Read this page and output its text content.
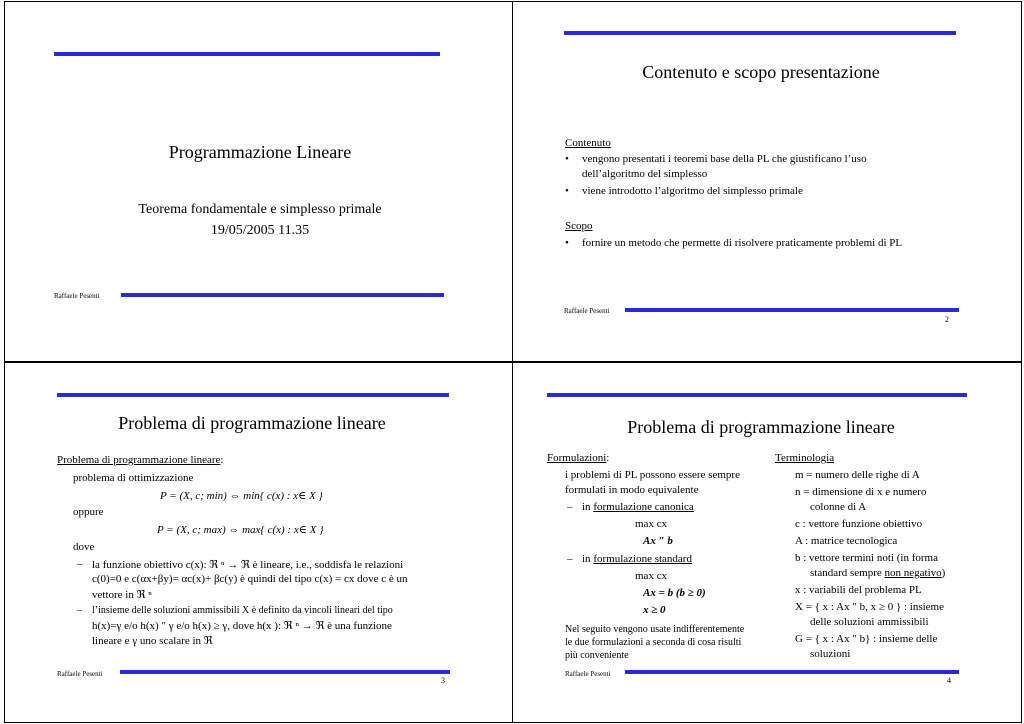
Programmazione Lineare
Teorema fondamentale e simplesso primale
19/05/2005 11.35
Raffaele Pesenti
Contenuto e scopo presentazione
Contenuto
• vengono presentati i teoremi base della PL che giustificano l’uso
dell’algoritmo del simplesso
• viene introdotto l’algoritmo del simplesso primale
Scopo
• fornire un metodo che permette di risolvere praticamente problemi di PL
Raffaele Pesenti
2
Problema di programmazione lineare
Problema di programmazione lineare:
problema di ottimizzazione
P = (X, c; min) ⇔ min{ c(x) : x∈ X }
oppure
P = (X, c; max) ⇔ max{ c(x) : x∈ X }
dove
– la funzione obiettivo c(x): ℜ ⁿ → ℜ è lineare, i.e., soddisfa le relazioni
c(0)=0 e c(αx+βy)= αc(x)+ βc(y) è quindi del tipo c(x) = cx dove c è un
vettore in ℜ ⁿ
– l’insieme delle soluzioni ammissibili X è definito da vincoli lineari del tipo
h(x)=γ e/o h(x) ″ γ e/o h(x) ≥ γ, dove h(x ): ℜ ⁿ → ℜ è una funzione
lineare e γ uno scalare in ℜ
Raffaele Pesenti
3
Problema di programmazione lineare
Formulazioni:
i problemi di PL possono essere sempre
formulati in modo equivalente
– in formulazione canonica
max cx
Ax ″ b
– in formulazione standard
max cx
Ax = b (b ≥ 0)
x ≥ 0
Nel seguito vengono usate indifferentemente
le due formulazioni a seconda di cosa risulti
più conveniente
Terminologia
m = numero delle righe di A
n = dimensione di x e numero
colonne di A
c : vettore funzione obiettivo
A : matrice tecnologica
b : vettore termini noti (in forma
standard sempre non negativo)
x : variabili del problema PL
X = { x : Ax ″ b, x ≥ 0 } : insieme
delle soluzioni ammissibili
G = { x : Ax ″ b} : insieme delle
soluzioni
Raffaele Pesenti
4
